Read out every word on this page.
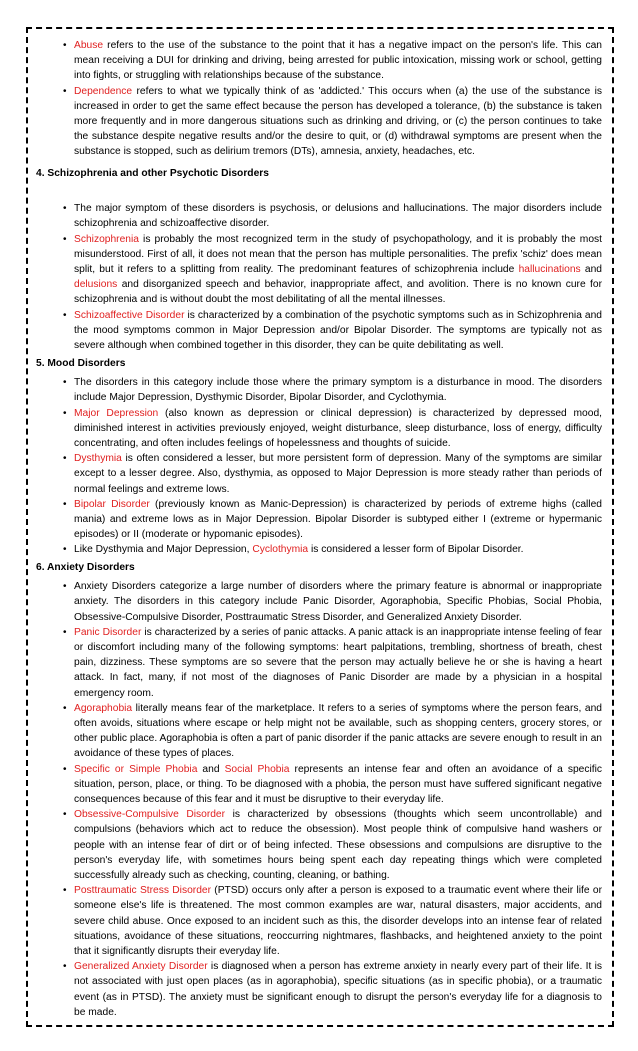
• Abuse refers to the use of the substance to the point that it has a negative impact on the person's life. This can mean receiving a DUI for drinking and driving, being arrested for public intoxication, missing work or school, getting into fights, or struggling with relationships because of the substance.
• Dependence refers to what we typically think of as 'addicted.' This occurs when (a) the use of the substance is increased in order to get the same effect because the person has developed a tolerance, (b) the substance is taken more frequently and in more dangerous situations such as drinking and driving, or (c) the person continues to take the substance despite negative results and/or the desire to quit, or (d) withdrawal symptoms are present when the substance is stopped, such as delirium tremors (DTs), amnesia, anxiety, headaches, etc.

4. Schizophrenia and other Psychotic Disorders

• The major symptom of these disorders is psychosis, or delusions and hallucinations. The major disorders include schizophrenia and schizoaffective disorder.
• Schizophrenia is probably the most recognized term in the study of psychopathology, and it is probably the most misunderstood. First of all, it does not mean that the person has multiple personalities. The prefix 'schiz' does mean split, but it refers to a splitting from reality. The predominant features of schizophrenia include hallucinations and delusions and disorganized speech and behavior, inappropriate affect, and avolition. There is no known cure for schizophrenia and is without doubt the most debilitating of all the mental illnesses.
• Schizoaffective Disorder is characterized by a combination of the psychotic symptoms such as in Schizophrenia and the mood symptoms common in Major Depression and/or Bipolar Disorder. The symptoms are typically not as severe although when combined together in this disorder, they can be quite debilitating as well.

5. Mood Disorders

• The disorders in this category include those where the primary symptom is a disturbance in mood. The disorders include Major Depression, Dysthymic Disorder, Bipolar Disorder, and Cyclothymia.
• Major Depression (also known as depression or clinical depression) is characterized by depressed mood, diminished interest in activities previously enjoyed, weight disturbance, sleep disturbance, loss of energy, difficulty concentrating, and often includes feelings of hopelessness and thoughts of suicide.
• Dysthymia is often considered a lesser, but more persistent form of depression. Many of the symptoms are similar except to a lesser degree. Also, dysthymia, as opposed to Major Depression is more steady rather than periods of normal feelings and extreme lows.
• Bipolar Disorder (previously known as Manic-Depression) is characterized by periods of extreme highs (called mania) and extreme lows as in Major Depression. Bipolar Disorder is subtyped either I (extreme or hypermanic episodes) or II (moderate or hypomanic episodes).
• Like Dysthymia and Major Depression, Cyclothymia is considered a lesser form of Bipolar Disorder.

6. Anxiety Disorders

• Anxiety Disorders categorize a large number of disorders where the primary feature is abnormal or inappropriate anxiety. The disorders in this category include Panic Disorder, Agoraphobia, Specific Phobias, Social Phobia, Obsessive-Compulsive Disorder, Posttraumatic Stress Disorder, and Generalized Anxiety Disorder.
• Panic Disorder is characterized by a series of panic attacks. A panic attack is an inappropriate intense feeling of fear or discomfort including many of the following symptoms: heart palpitations, trembling, shortness of breath, chest pain, dizziness. These symptoms are so severe that the person may actually believe he or she is having a heart attack. In fact, many, if not most of the diagnoses of Panic Disorder are made by a physician in a hospital emergency room.
• Agoraphobia literally means fear of the marketplace. It refers to a series of symptoms where the person fears, and often avoids, situations where escape or help might not be available, such as shopping centers, grocery stores, or other public place. Agoraphobia is often a part of panic disorder if the panic attacks are severe enough to result in an avoidance of these types of places.
• Specific or Simple Phobia and Social Phobia represents an intense fear and often an avoidance of a specific situation, person, place, or thing. To be diagnosed with a phobia, the person must have suffered significant negative consequences because of this fear and it must be disruptive to their everyday life.
• Obsessive-Compulsive Disorder is characterized by obsessions (thoughts which seem uncontrollable) and compulsions (behaviors which act to reduce the obsession). Most people think of compulsive hand washers or people with an intense fear of dirt or of being infected. These obsessions and compulsions are disruptive to the person's everyday life, with sometimes hours being spent each day repeating things which were completed successfully already such as checking, counting, cleaning, or bathing.
• Posttraumatic Stress Disorder (PTSD) occurs only after a person is exposed to a traumatic event where their life or someone else's life is threatened. The most common examples are war, natural disasters, major accidents, and severe child abuse. Once exposed to an incident such as this, the disorder develops into an intense fear of related situations, avoidance of these situations, reoccurring nightmares, flashbacks, and heightened anxiety to the point that it significantly disrupts their everyday life.
• Generalized Anxiety Disorder is diagnosed when a person has extreme anxiety in nearly every part of their life. It is not associated with just open places (as in agoraphobia), specific situations (as in specific phobia), or a traumatic event (as in PTSD). The anxiety must be significant enough to disrupt the person's everyday life for a diagnosis to be made.
